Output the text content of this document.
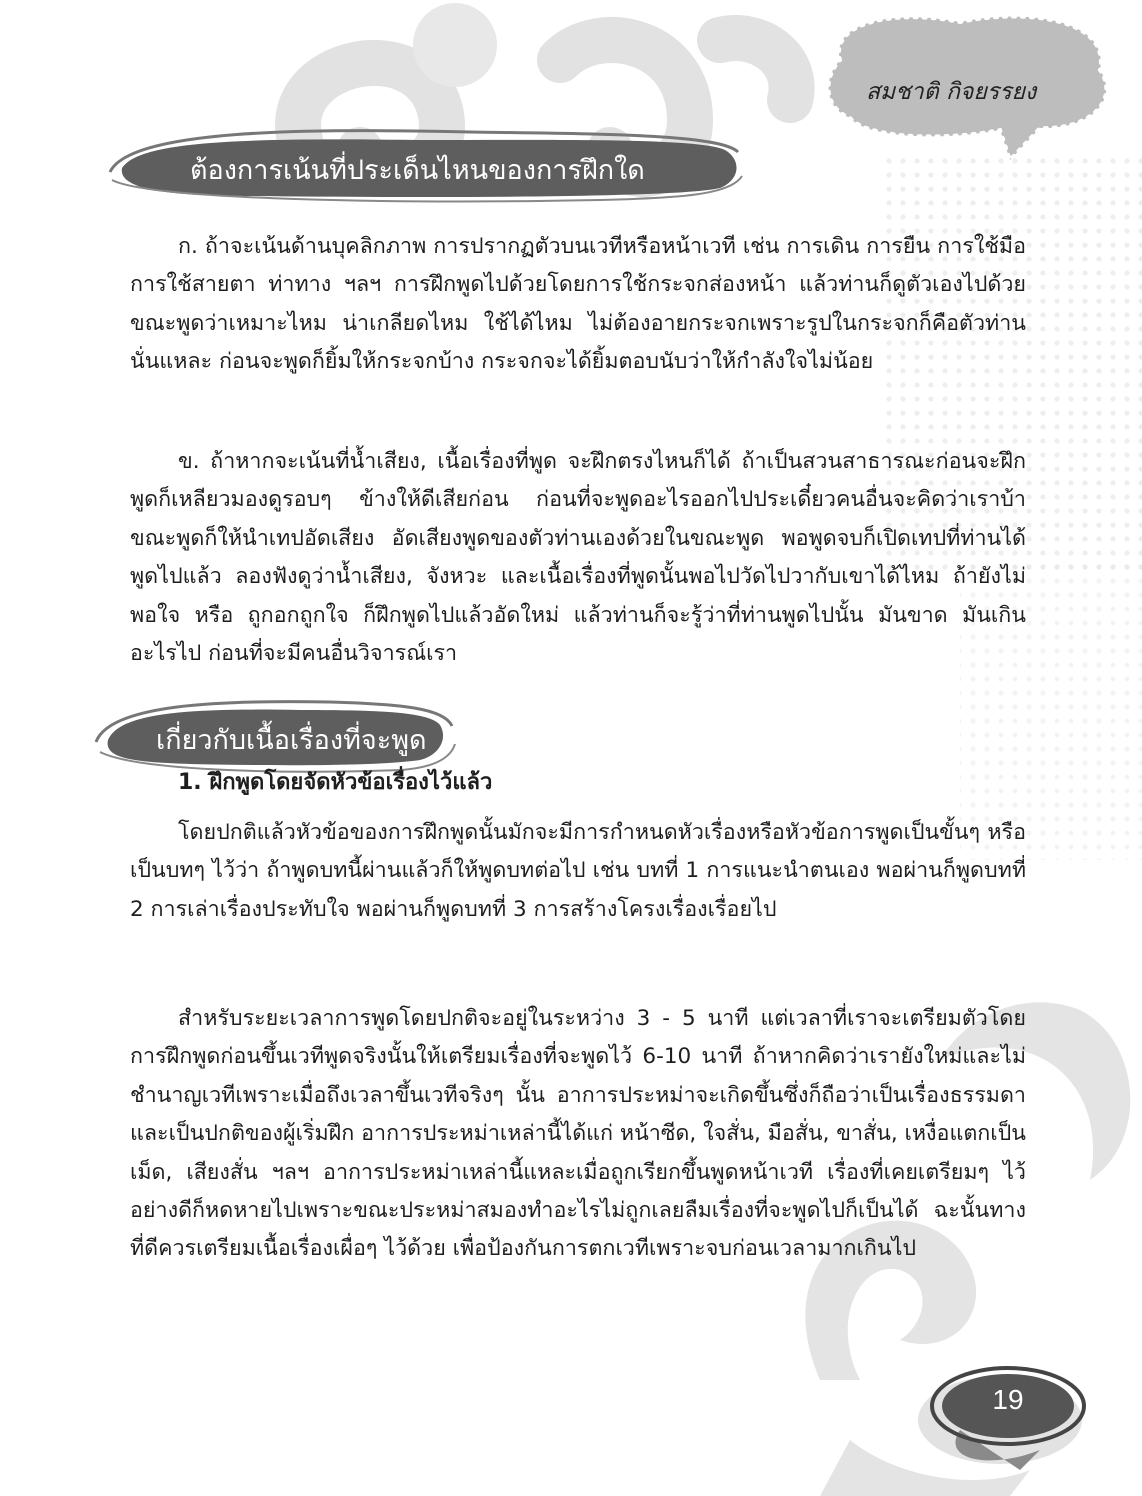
สมชาติ กิจยรรยง
ต้องการเน้นที่ประเด็นไหนของการฝึกใด

ก. ถ้าจะเน้นด้านบุคลิกภาพ การปรากฏตัวบนเวทีหรือหน้าเวที เช่น การเดิน การยืน การใช้มือ การใช้สายตา ท่าทาง ฯลฯ การฝึกพูดไปด้วยโดยการใช้กระจกส่องหน้า แล้วท่านก็ดูตัวเองไปด้วยขณะพูดว่าเหมาะไหม น่าเกลียดไหม ใช้ได้ไหม ไม่ต้องอายกระจกเพราะรูปในกระจกก็คือตัวท่านนั่นแหละ ก่อนจะพูดก็ยิ้มให้กระจกบ้าง กระจกจะได้ยิ้มตอบนับว่าให้กำลังใจไม่น้อย

ข. ถ้าหากจะเน้นที่น้ำเสียง, เนื้อเรื่องที่พูด จะฝึกตรงไหนก็ได้ ถ้าเป็นสวนสาธารณะก่อนจะฝึกพูดก็เหลียวมองดูรอบๆ ข้างให้ดีเสียก่อน ก่อนที่จะพูดอะไรออกไปประเดี๋ยวคนอื่นจะคิดว่าเราบ้า ขณะพูดก็ให้นำเทปอัดเสียง อัดเสียงพูดของตัวท่านเองด้วยในขณะพูด พอพูดจบก็เปิดเทปที่ท่านได้พูดไปแล้ว ลองฟังดูว่าน้ำเสียง, จังหวะ และเนื้อเรื่องที่พูดนั้นพอไปวัดไปวากับเขาได้ไหม ถ้ายังไม่พอใจ หรือ ถูกอกถูกใจ ก็ฝึกพูดไปแล้วอัดใหม่ แล้วท่านก็จะรู้ว่าที่ท่านพูดไปนั้น มันขาด มันเกินอะไรไป ก่อนที่จะมีคนอื่นวิจารณ์เรา

เกี่ยวกับเนื้อเรื่องที่จะพูด
1. ฝึกพูดโดยจัดหัวข้อเรื่องไว้แล้ว

โดยปกติแล้วหัวข้อของการฝึกพูดนั้นมักจะมีการกำหนดหัวเรื่องหรือหัวข้อการพูดเป็นขั้นๆ หรือเป็นบทๆ ไว้ว่า ถ้าพูดบทนี้ผ่านแล้วก็ให้พูดบทต่อไป เช่น บทที่ 1 การแนะนำตนเอง พอผ่านก็พูดบทที่ 2 การเล่าเรื่องประทับใจ พอผ่านก็พูดบทที่ 3 การสร้างโครงเรื่องเรื่อยไป

สำหรับระยะเวลาการพูดโดยปกติจะอยู่ในระหว่าง 3 - 5 นาที แต่เวลาที่เราจะเตรียมตัวโดยการฝึกพูดก่อนขึ้นเวทีพูดจริงนั้นให้เตรียมเรื่องที่จะพูดไว้ 6-10 นาที ถ้าหากคิดว่าเรายังใหม่และไม่ชำนาญเวทีเพราะเมื่อถึงเวลาขึ้นเวทีจริงๆ นั้น อาการประหม่าจะเกิดขึ้นซึ่งก็ถือว่าเป็นเรื่องธรรมดาและเป็นปกติของผู้เริ่มฝึก อาการประหม่าเหล่านี้ได้แก่ หน้าซีด, ใจสั่น, มือสั่น, ขาสั่น, เหงื่อแตกเป็นเม็ด, เสียงสั่น ฯลฯ อาการประหม่าเหล่านี้แหละเมื่อถูกเรียกขึ้นพูดหน้าเวที เรื่องที่เคยเตรียมๆ ไว้อย่างดีก็หดหายไปเพราะขณะประหม่าสมองทำอะไรไม่ถูกเลยลืมเรื่องที่จะพูดไปก็เป็นได้ ฉะนั้นทางที่ดีควรเตรียมเนื้อเรื่องเผื่อๆ ไว้ด้วย เพื่อป้องกันการตกเวทีเพราะจบก่อนเวลามากเกินไป

19
